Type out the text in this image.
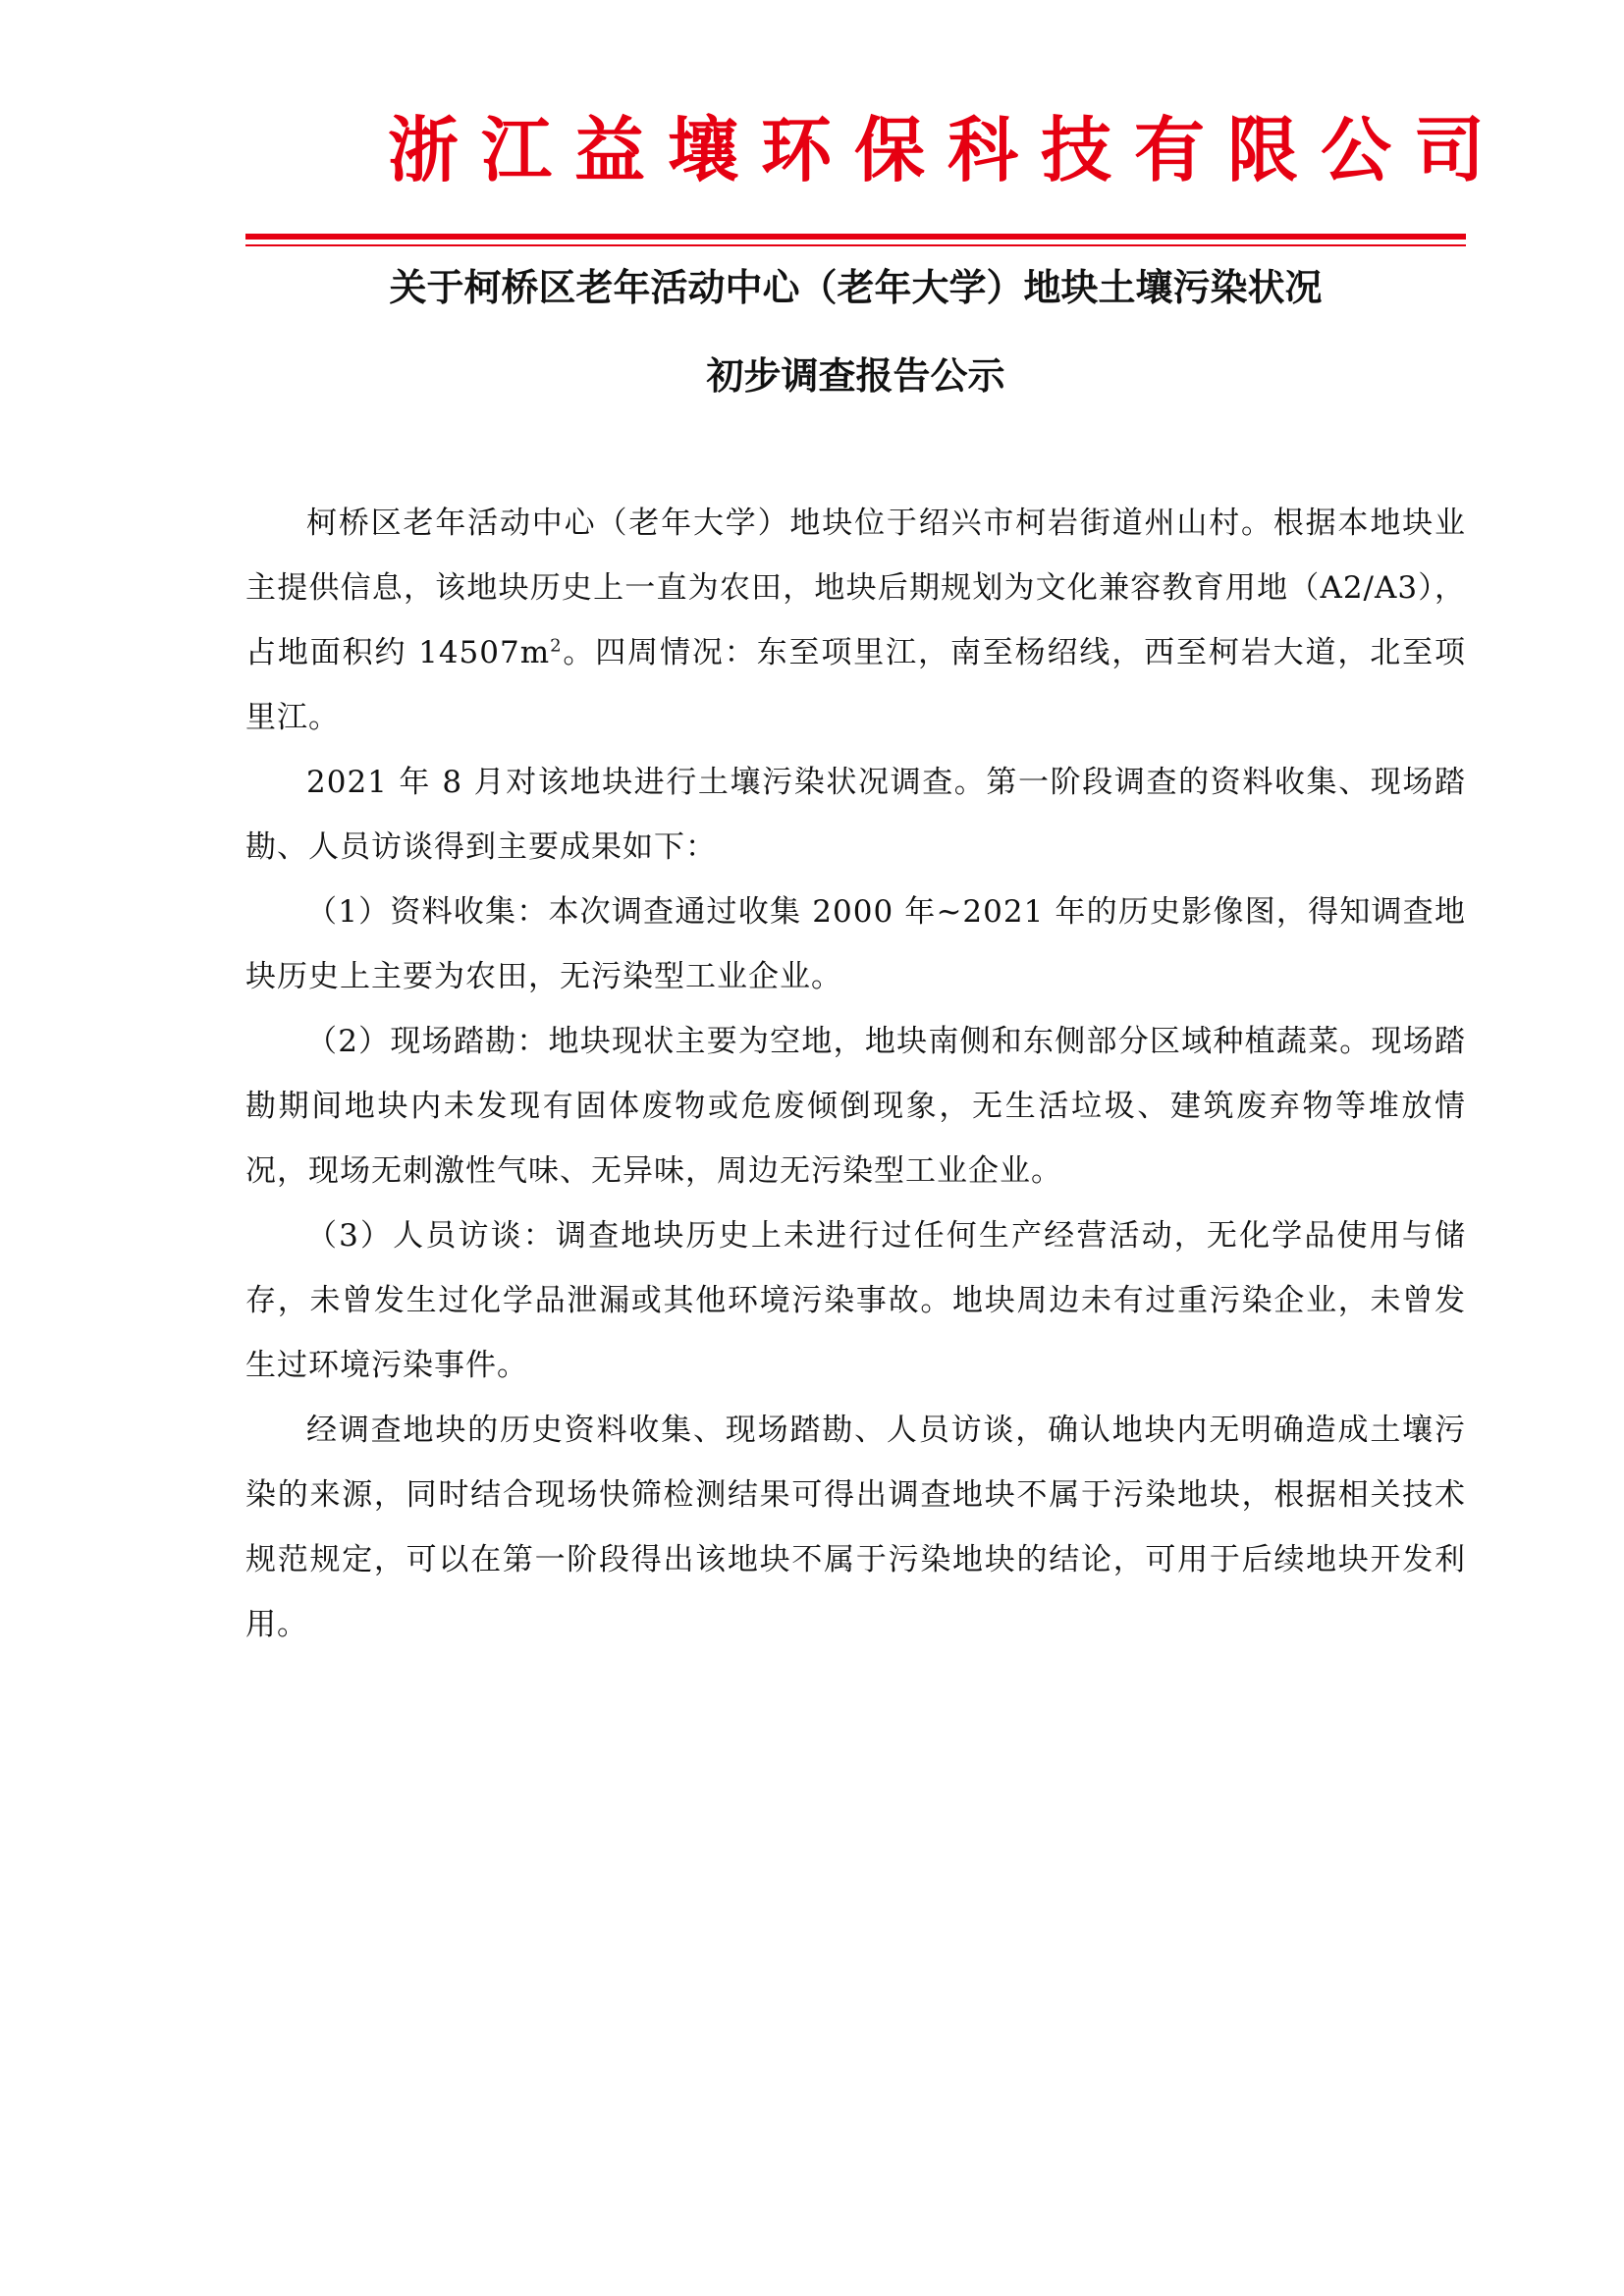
浙江益壤环保科技有限公司
关于柯桥区老年活动中心（老年大学）地块土壤污染状况
初步调查报告公示

柯桥区老年活动中心（老年大学）地块位于绍兴市柯岩街道州山村。根据本地块业主提供信息，该地块历史上一直为农田，地块后期规划为文化兼容教育用地（A2/A3），占地面积约 $14507m^2$。四周情况：东至项里江，南至杨绍线，西至柯岩大道，北至项里江。

2021 年 8 月对该地块进行土壤污染状况调查。第一阶段调查的资料收集、现场踏勘、人员访谈得到主要成果如下：

（1）资料收集：本次调查通过收集 2000 年~2021 年的历史影像图，得知调查地块历史上主要为农田，无污染型工业企业。

（2）现场踏勘：地块现状主要为空地，地块南侧和东侧部分区域种植蔬菜。现场踏勘期间地块内未发现有固体废物或危废倾倒现象，无生活垃圾、建筑废弃物等堆放情况，现场无刺激性气味、无异味，周边无污染型工业企业。

（3）人员访谈：调查地块历史上未进行过任何生产经营活动，无化学品使用与储存，未曾发生过化学品泄漏或其他环境污染事故。地块周边未有过重污染企业，未曾发生过环境污染事件。

经调查地块的历史资料收集、现场踏勘、人员访谈，确认地块内无明确造成土壤污染的来源，同时结合现场快筛检测结果可得出调查地块不属于污染地块，根据相关技术规范规定，可以在第一阶段得出该地块不属于污染地块的结论，可用于后续地块开发利用。
